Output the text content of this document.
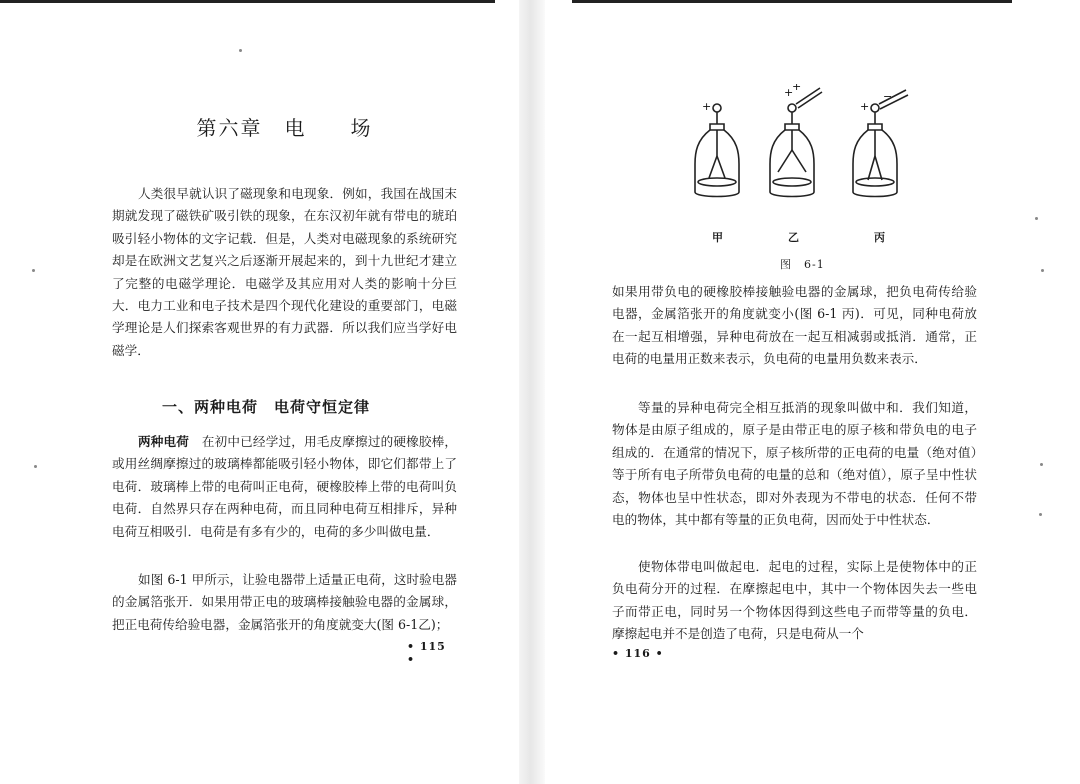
第六章　电　　场

人类很早就认识了磁现象和电现象．例如，我国在战国末期就发现了磁铁矿吸引铁的现象，在东汉初年就有带电的琥珀吸引轻小物体的文字记载．但是，人类对电磁现象的系统研究却是在欧洲文艺复兴之后逐渐开展起来的，到十九世纪才建立了完整的电磁学理论．电磁学及其应用对人类的影响十分巨大．电力工业和电子技术是四个现代化建设的重要部门，电磁学理论是人们探索客观世界的有力武器．所以我们应当学好电磁学．

一、两种电荷　电荷守恒定律

两种电荷　 在初中已经学过，用毛皮摩擦过的硬橡胶棒，或用丝绸摩擦过的玻璃棒都能吸引轻小物体，即它们都带上了电荷．玻璃棒上带的电荷叫正电荷，硬橡胶棒上带的电荷叫负电荷．自然界只存在两种电荷，而且同种电荷互相排斥，异种电荷互相吸引．电荷是有多有少的，电荷的多少叫做电量．

如图 6-1 甲所示，让验电器带上适量正电荷，这时验电器的金属箔张开．如果用带正电的玻璃棒接触验电器的金属球，把正电荷传给验电器，金属箔张开的角度就变大(图 6-1乙)；

• 115 •
+
+
+
+
−
甲	乙	丙
图　6-1

如果用带负电的硬橡胶棒接触验电器的金属球，把负电荷传给验电器，金属箔张开的角度就变小(图 6-1 丙)．可见，同种电荷放在一起互相增强，异种电荷放在一起互相减弱或抵消．通常，正电荷的电量用正数来表示，负电荷的电量用负数来表示．

等量的异种电荷完全相互抵消的现象叫做中和．我们知道，物体是由原子组成的，原子是由带正电的原子核和带负电的电子组成的．在通常的情况下，原子核所带的正电荷的电量（绝对值）等于所有电子所带负电荷的电量的总和（绝对值），原子呈中性状态，物体也呈中性状态，即对外表现为不带电的状态．任何不带电的物体，其中都有等量的正负电荷，因而处于中性状态．

使物体带电叫做起电．起电的过程，实际上是使物体中的正负电荷分开的过程．在摩擦起电中，其中一个物体因失去一些电子而带正电，同时另一个物体因得到这些电子而带等量的负电．摩擦起电并不是创造了电荷，只是电荷从一个

• 116 •
